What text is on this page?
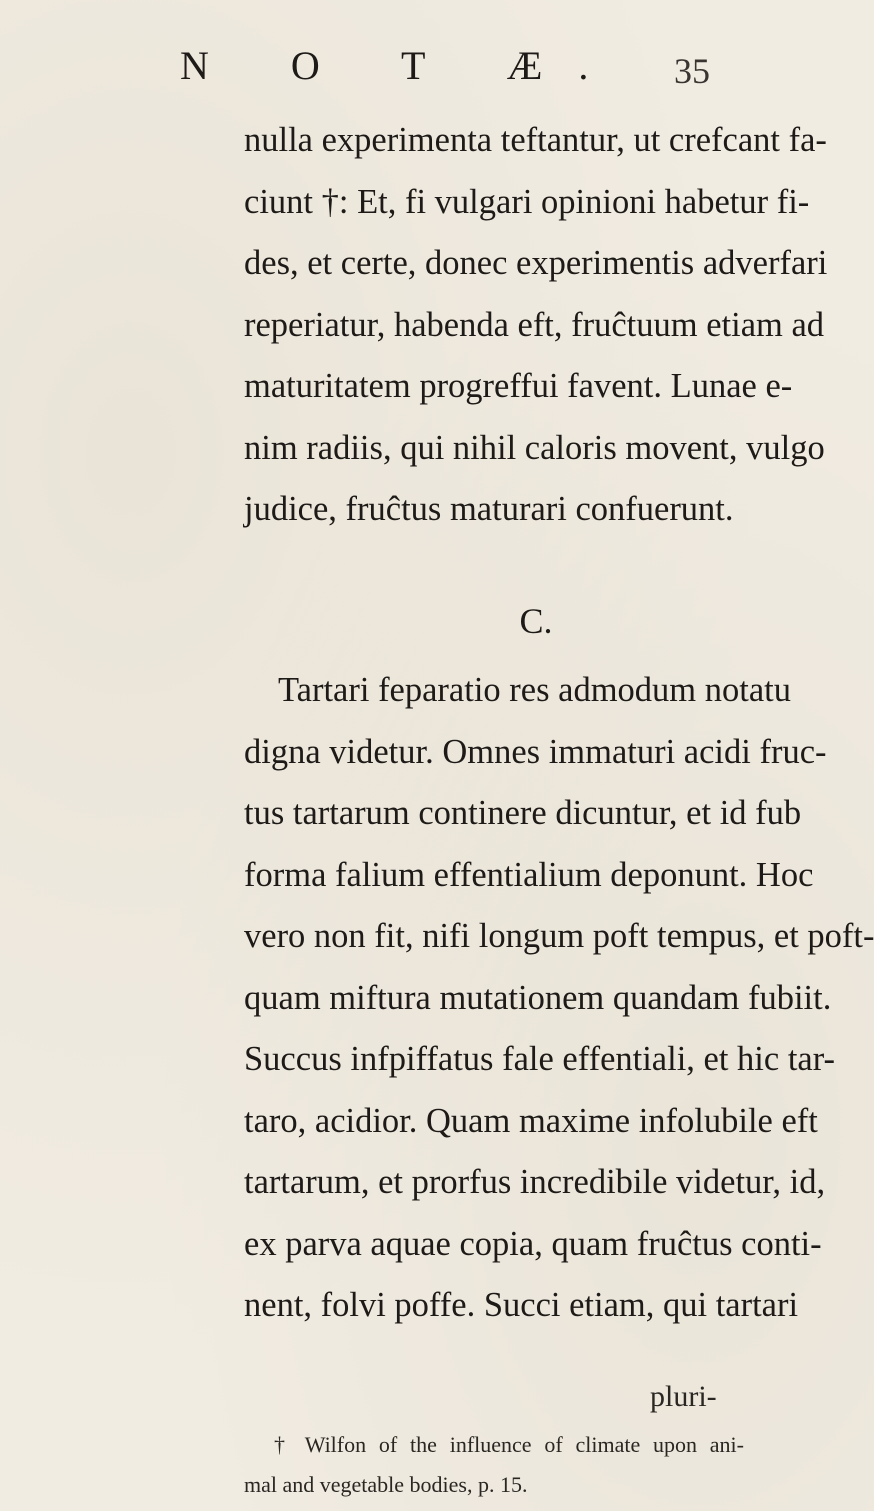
N O T Æ. 35
nulla experimenta teftantur, ut crefcant fa-
ciunt †: Et, fi vulgari opinioni habetur fi-
des, et certe, donec experimentis adverfari
reperiatur, habenda eft, fruĉtuum etiam ad
maturitatem progreffui favent. Lunae e-
nim radiis, qui nihil caloris movent, vulgo
judice, fruĉtus maturari confuerunt.
C.
Tartari feparatio res admodum notatu
digna videtur. Omnes immaturi acidi fruc-
tus tartarum continere dicuntur, et id fub
forma falium effentialium deponunt. Hoc
vero non fit, nifi longum poft tempus, et poft-
quam miftura mutationem quandam fubiit.
Succus infpiffatus fale effentiali, et hic tar-
taro, acidior. Quam maxime infolubile eft
tartarum, et prorfus incredibile videtur, id,
ex parva aquae copia, quam fruĉtus conti-
nent, folvi poffe. Succi etiam, qui tartari
pluri-
† Wilfon of the influence of climate upon ani-
mal and vegetable bodies, p. 15.
